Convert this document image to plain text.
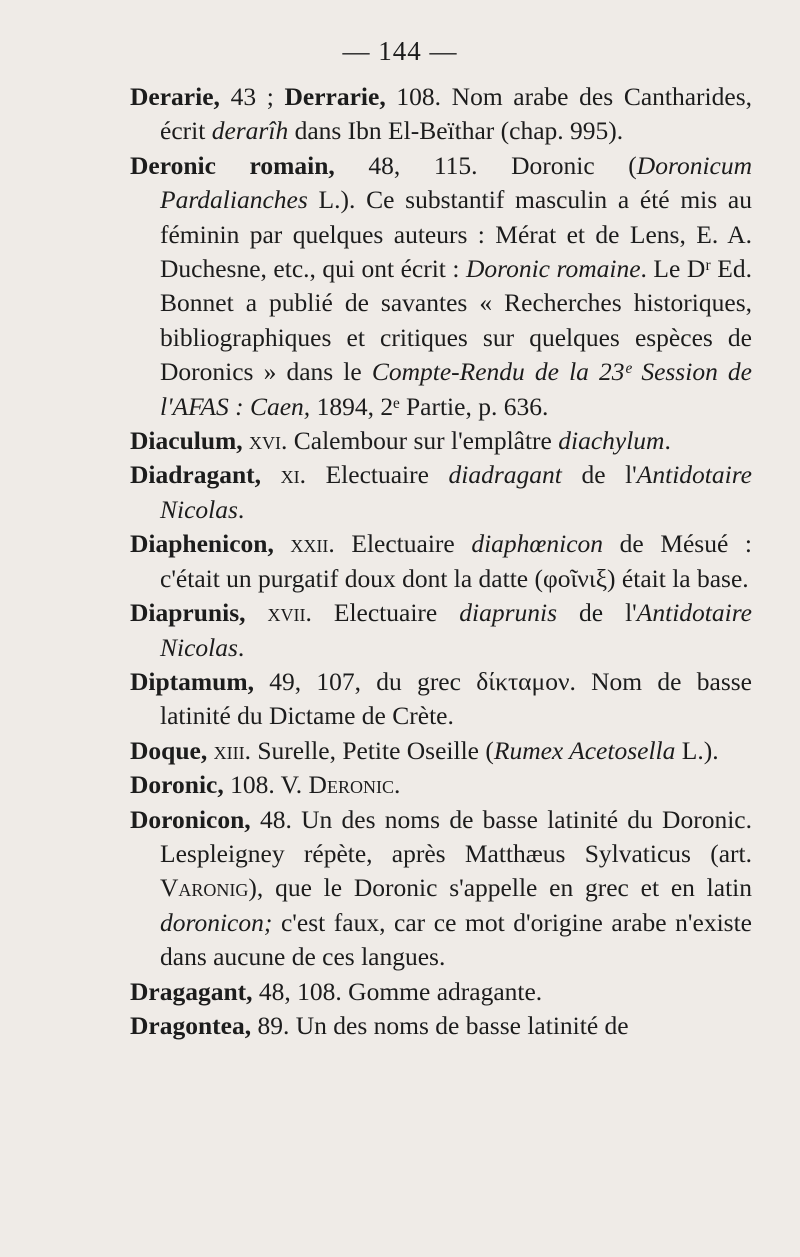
— 144 —

Derarie, 43 ; Derrarie, 108. Nom arabe des Cantharides, écrit derarîh dans Ibn El-Beïthar (chap. 995).

Deronic romain, 48, 115. Doronic (Doronicum Pardalianches L.). Ce substantif masculin a été mis au féminin par quelques auteurs : Mérat et de Lens, E. A. Duchesne, etc., qui ont écrit : Doronic romaine. Le Dʳ Ed. Bonnet a publié de savantes « Recherches historiques, bibliographiques et critiques sur quelques espèces de Doronics » dans le Compte-Rendu de la 23ᵉ Session de l'AFAS : Caen, 1894, 2ᵉ Partie, p. 636.

Diaculum, xvi. Calembour sur l'emplâtre diachylum.

Diadragant, xi. Electuaire diadragant de l'Antidotaire Nicolas.

Diaphenicon, xxii. Electuaire diaphœnicon de Mésué : c'était un purgatif doux dont la datte (φοῖνιξ) était la base.

Diaprunis, xvii. Electuaire diaprunis de l'Antidotaire Nicolas.

Diptamum, 49, 107, du grec δίκταμον. Nom de basse latinité du Dictame de Crète.

Doque, xiii. Surelle, Petite Oseille (Rumex Acetosella L.).

Doronic, 108. V. Deronic.

Doronicon, 48. Un des noms de basse latinité du Doronic. Lespleigney répète, après Matthæus Sylvaticus (art. Varonig), que le Doronic s'appelle en grec et en latin doronicon; c'est faux, car ce mot d'origine arabe n'existe dans aucune de ces langues.

Dragagant, 48, 108. Gomme adragante.

Dragontea, 89. Un des noms de basse latinité de
